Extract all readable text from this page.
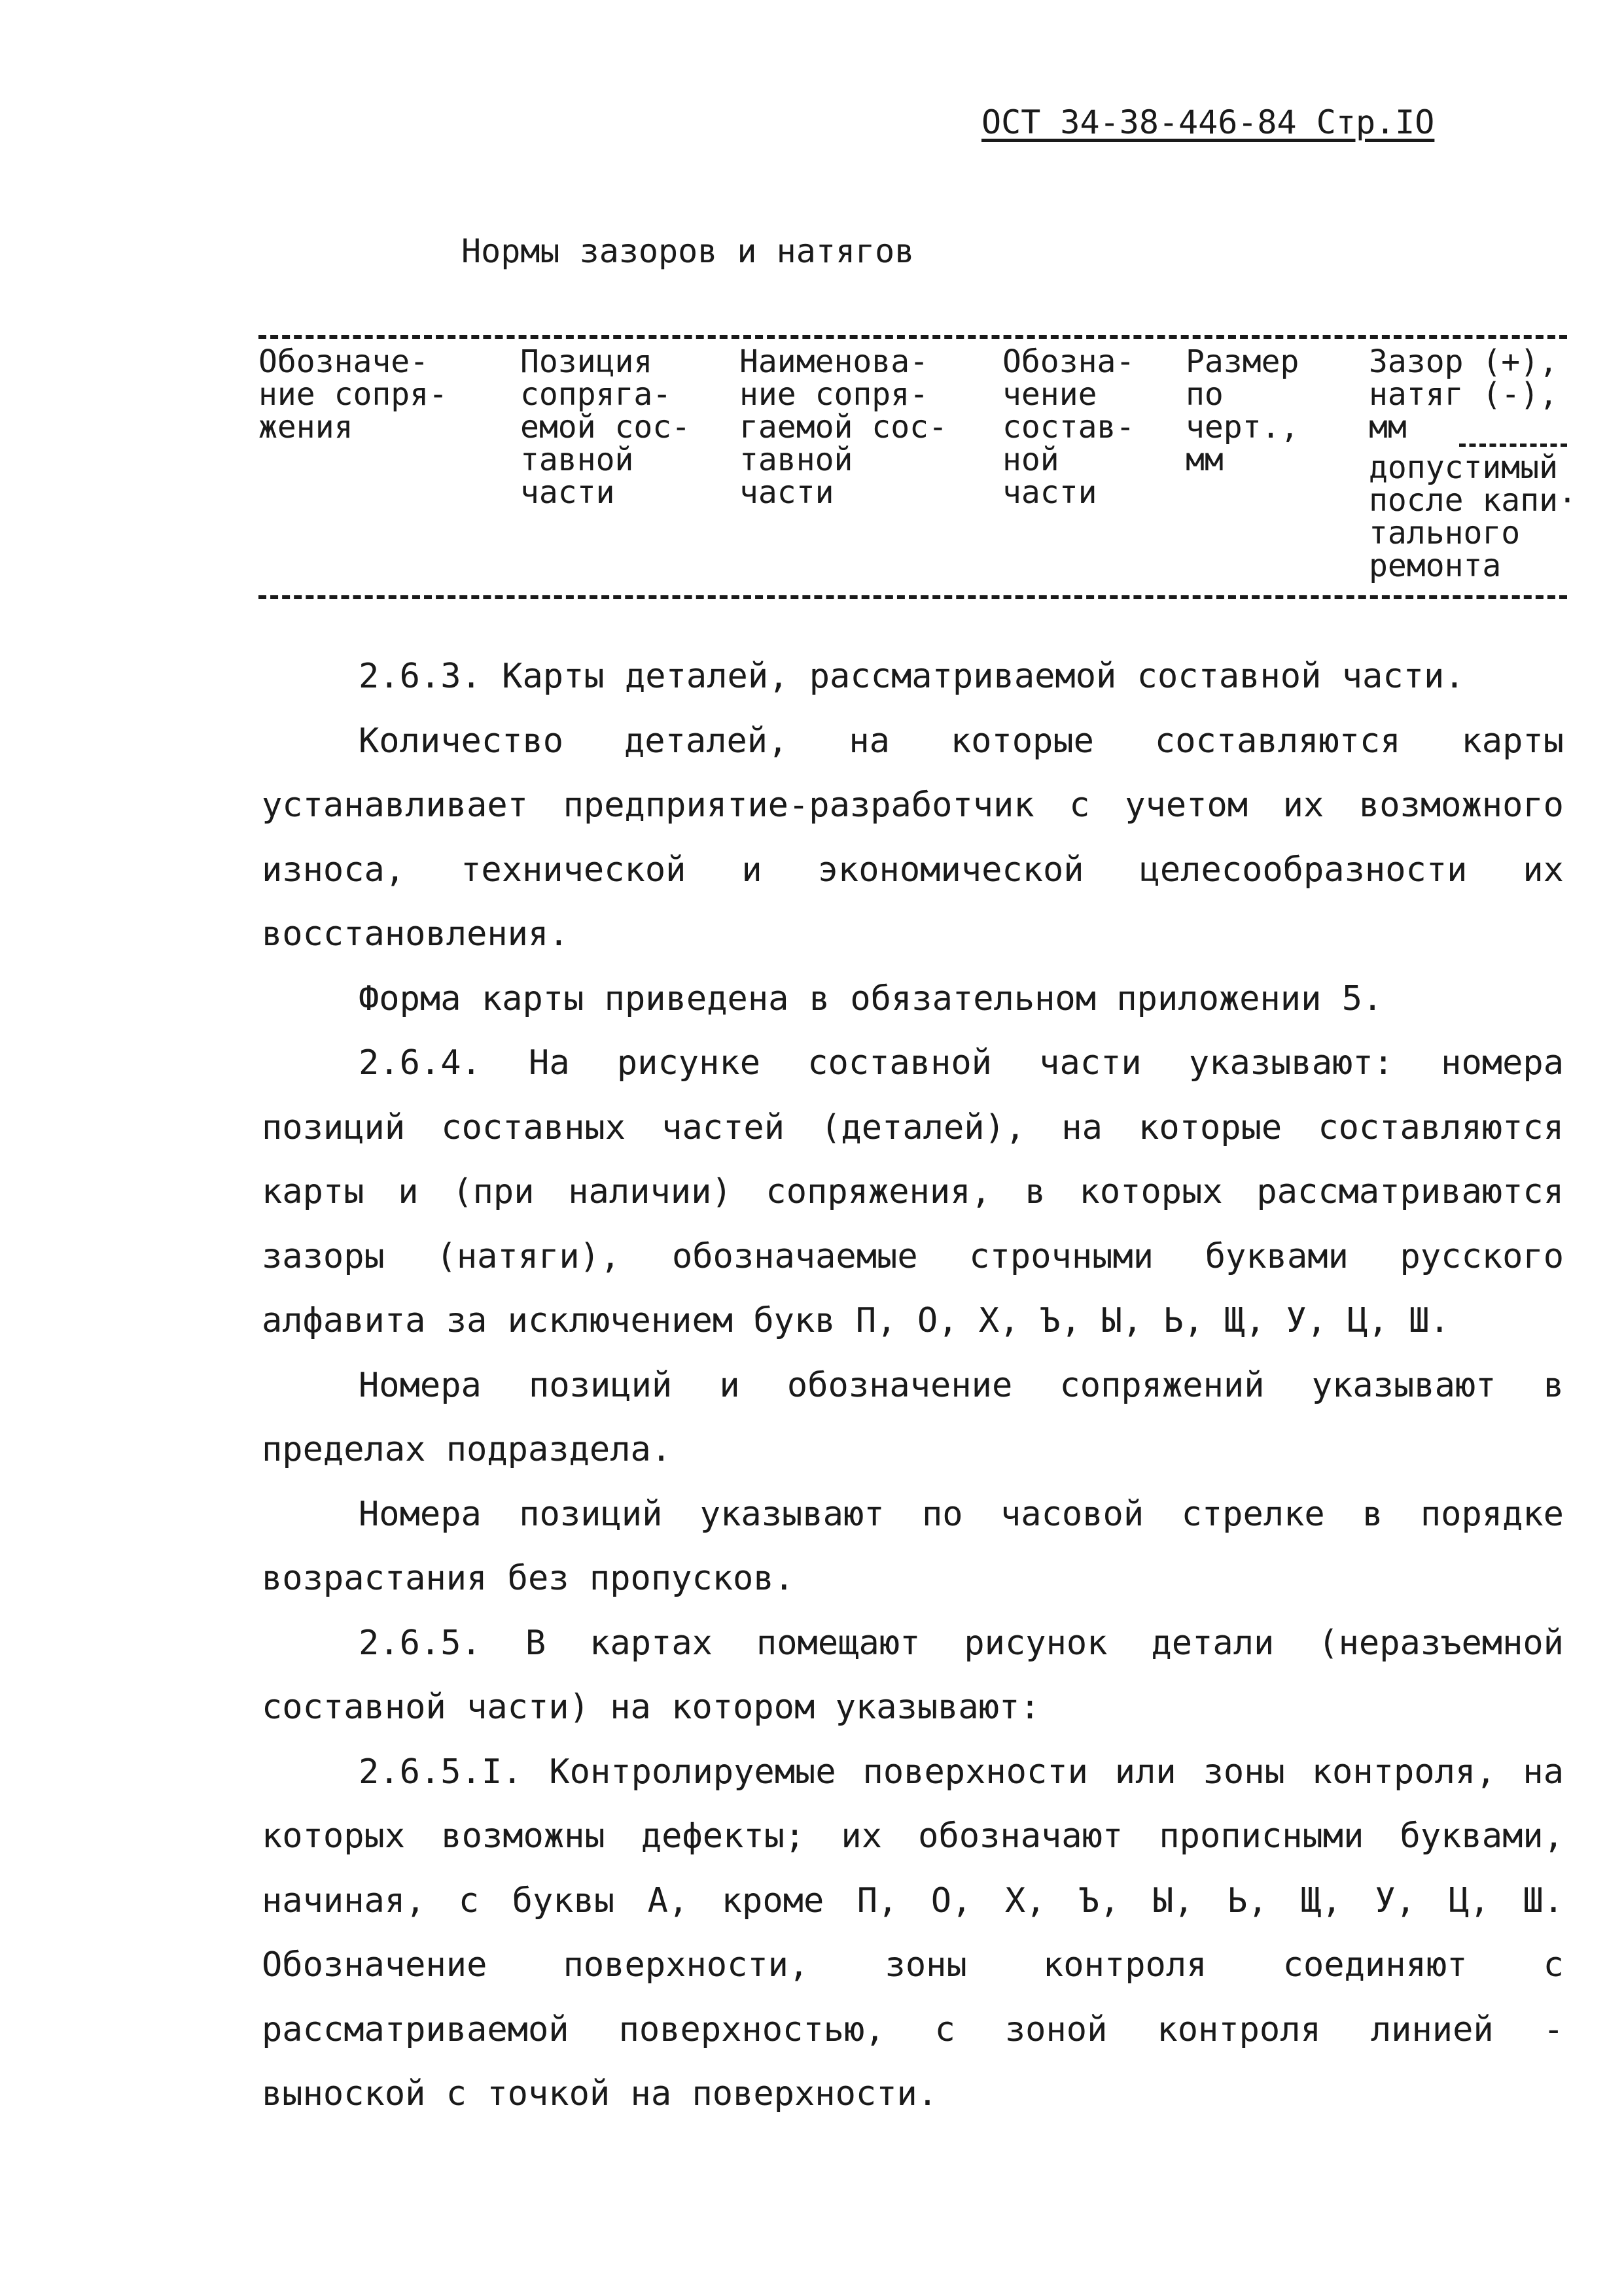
ОСТ 34-38-446-84 Стр.IO
Нормы зазоров и натягов
Обозначе-
ние сопря-
жения
Позиция
сопряга-
емой сос-
тавной
части
Наименова-
ние сопря-
гаемой сос-
тавной
части
Обозна-
чение
состав-
ной
части
Размер
по
черт.,
мм
Зазор (+),
натяг (-),
мм
допустимый
после капи·
тального
ремонта

2.6.3. Карты деталей, рассматриваемой составной части.

Количество деталей, на которые составляются карты устанавливает предприятие-разработчик с учетом их возможного износа, технической и экономической целесообразности их восстановления.

Форма карты приведена в обязательном приложении 5.

2.6.4. На рисунке составной части указывают: номера позиций составных частей (деталей), на которые составляются карты и (при наличии) сопряжения, в которых рассматриваются зазоры (натяги), обозначаемые строчными буквами русского алфавита за исключением букв П, О, Х, Ъ, Ы, Ь, Щ, У, Ц, Ш.

Номера позиций и обозначение сопряжений указывают в пределах подраздела.

Номера позиций указывают по часовой стрелке в порядке возрастания без пропусков.

2.6.5. В картах помещают рисунок детали (неразъемной составной части) на котором указывают:

2.6.5.I. Контролируемые поверхности или зоны контроля, на которых возможны дефекты; их обозначают прописными буквами, начиная, с буквы А, кроме П, О, Х, Ъ, Ы, Ь, Щ, У, Ц, Ш. Обозначение поверхности, зоны контроля соединяют с рассматриваемой поверхностью, с зоной контроля линией - выноской с точкой на поверхности.
